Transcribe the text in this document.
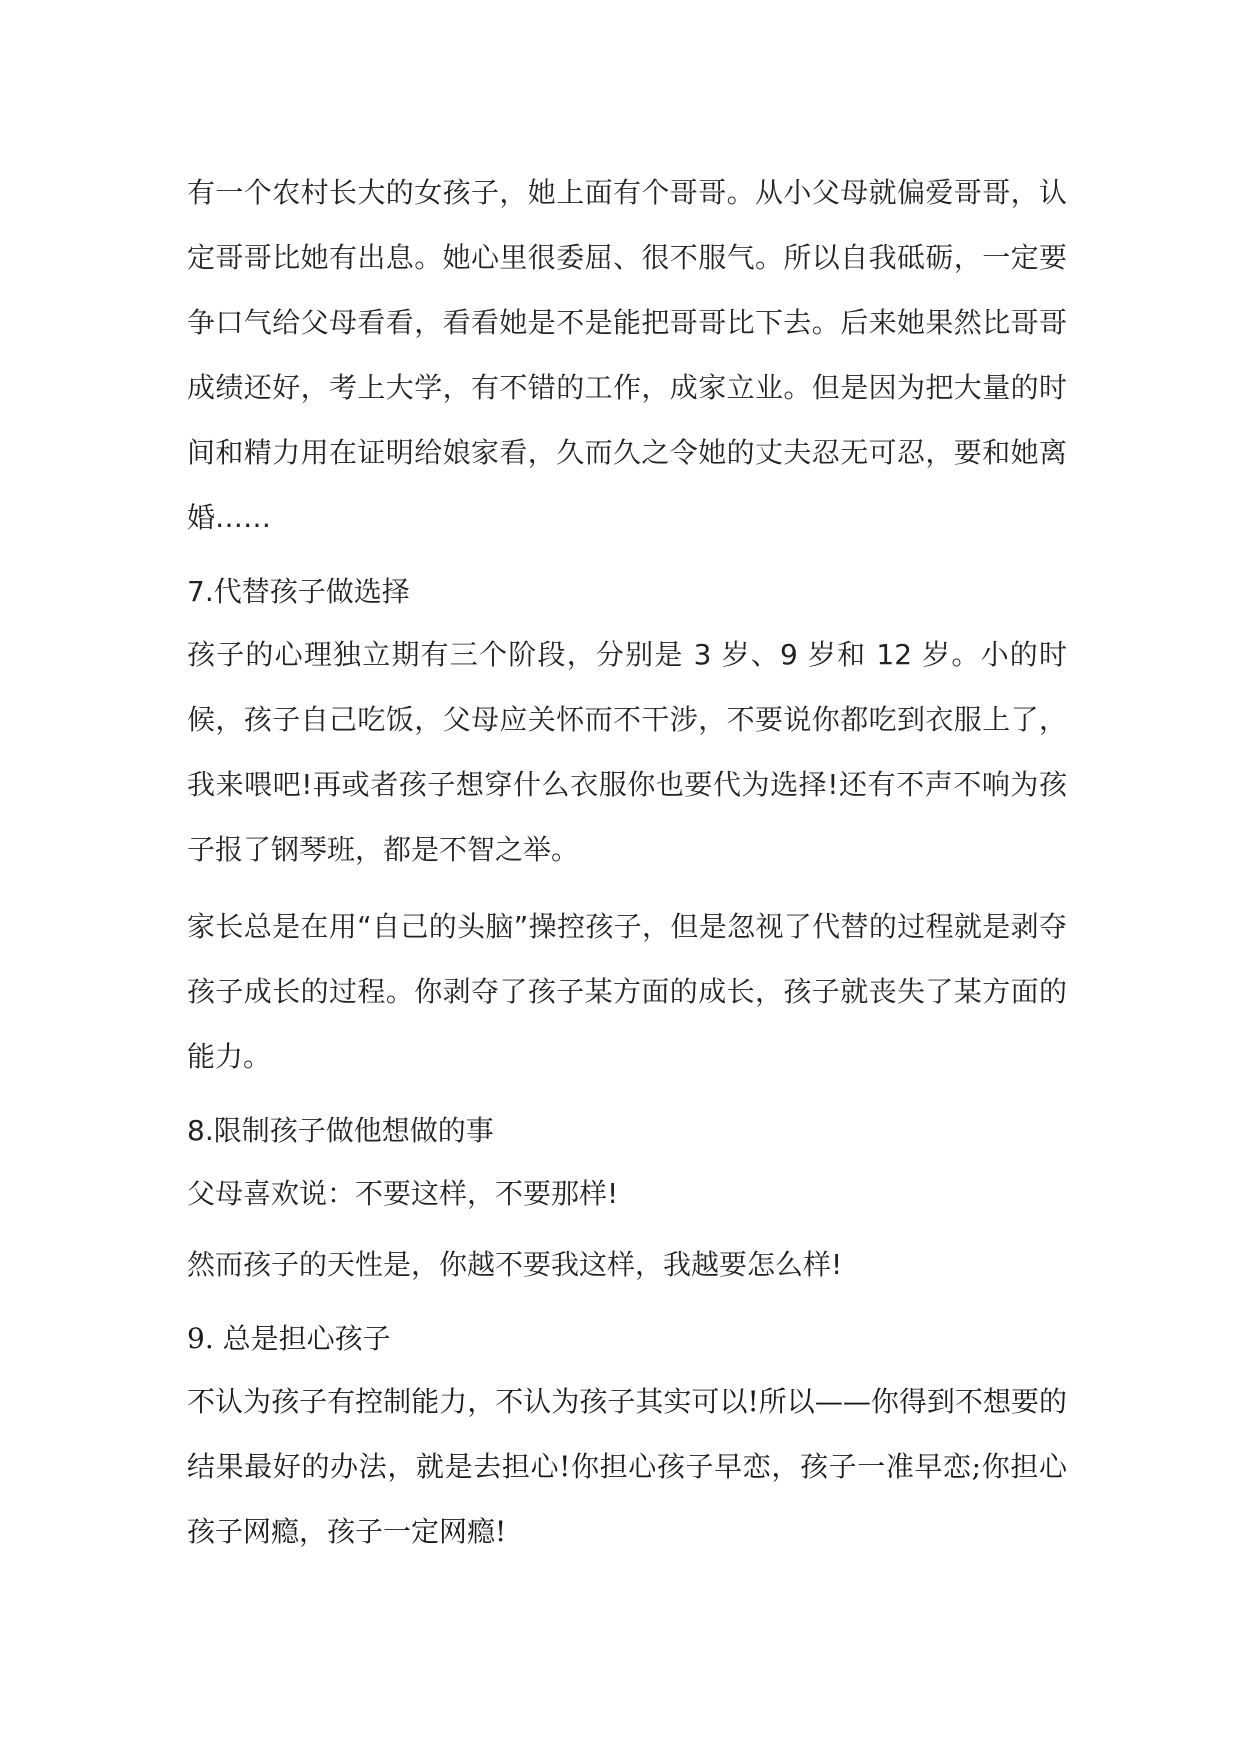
有一个农村长大的女孩子，她上面有个哥哥。从小父母就偏爱哥哥，认定哥哥比她有出息。她心里很委屈、很不服气。所以自我砥砺，一定要争口气给父母看看，看看她是不是能把哥哥比下去。后来她果然比哥哥成绩还好，考上大学，有不错的工作，成家立业。但是因为把大量的时间和精力用在证明给娘家看，久而久之令她的丈夫忍无可忍，要和她离婚……

7.代替孩子做选择

孩子的心理独立期有三个阶段，分别是 3 岁、9 岁和 12 岁。小的时候，孩子自己吃饭，父母应关怀而不干涉，不要说你都吃到衣服上了，我来喂吧!再或者孩子想穿什么衣服你也要代为选择!还有不声不响为孩子报了钢琴班，都是不智之举。

家长总是在用“自己的头脑”操控孩子，但是忽视了代替的过程就是剥夺孩子成长的过程。你剥夺了孩子某方面的成长，孩子就丧失了某方面的能力。

8.限制孩子做他想做的事

父母喜欢说：不要这样，不要那样!

然而孩子的天性是，你越不要我这样，我越要怎么样!

9. 总是担心孩子

不认为孩子有控制能力，不认为孩子其实可以!所以——你得到不想要的结果最好的办法，就是去担心!你担心孩子早恋，孩子一准早恋;你担心孩子网瘾，孩子一定网瘾!
